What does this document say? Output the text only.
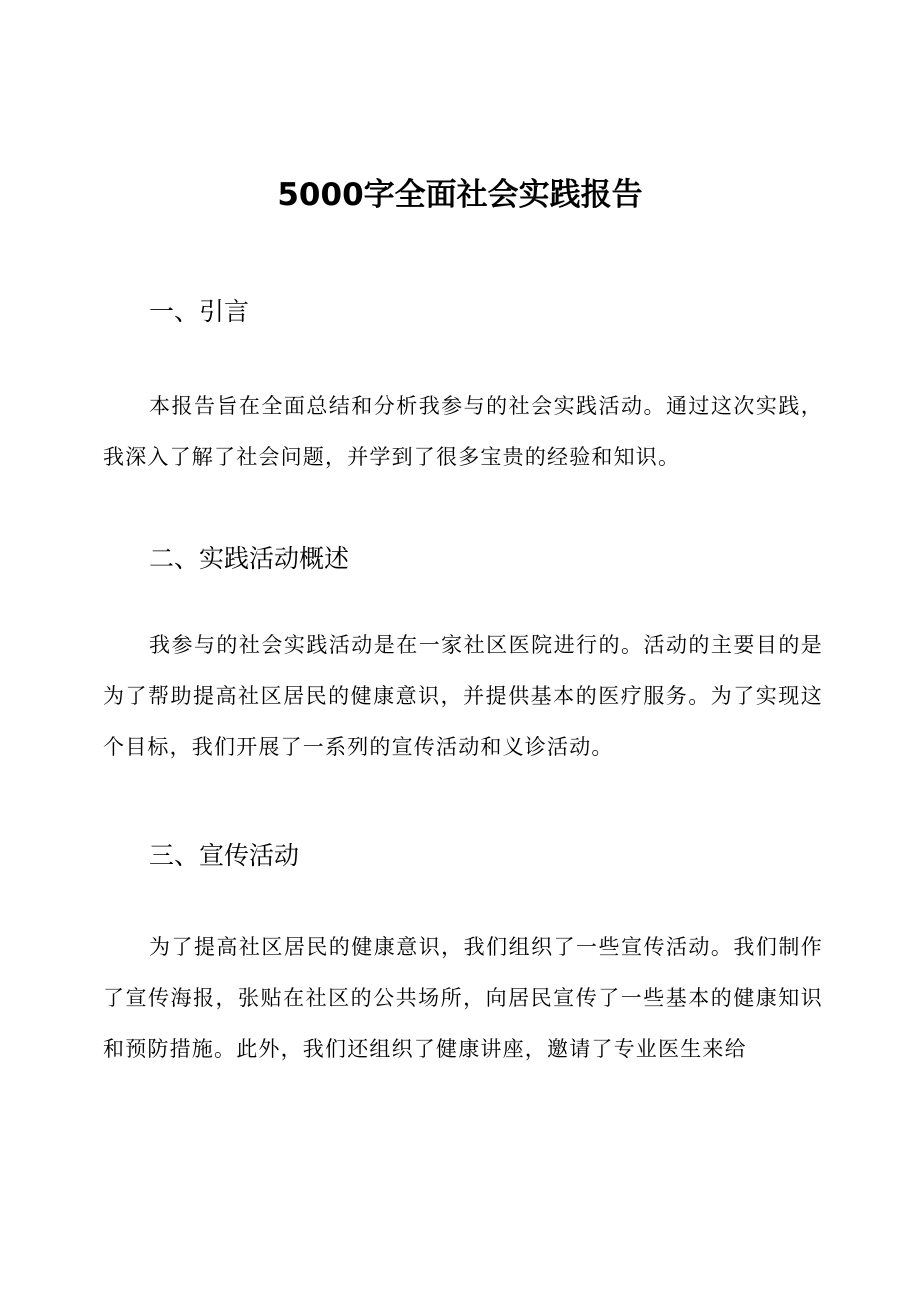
5000字全面社会实践报告
一、引言

本报告旨在全面总结和分析我参与的社会实践活动。通过这次实践，我深入了解了社会问题，并学到了很多宝贵的经验和知识。

二、实践活动概述

我参与的社会实践活动是在一家社区医院进行的。活动的主要目的是为了帮助提高社区居民的健康意识，并提供基本的医疗服务。为了实现这个目标，我们开展了一系列的宣传活动和义诊活动。

三、宣传活动

为了提高社区居民的健康意识，我们组织了一些宣传活动。我们制作了宣传海报，张贴在社区的公共场所，向居民宣传了一些基本的健康知识和预防措施。此外，我们还组织了健康讲座，邀请了专业医生来给
